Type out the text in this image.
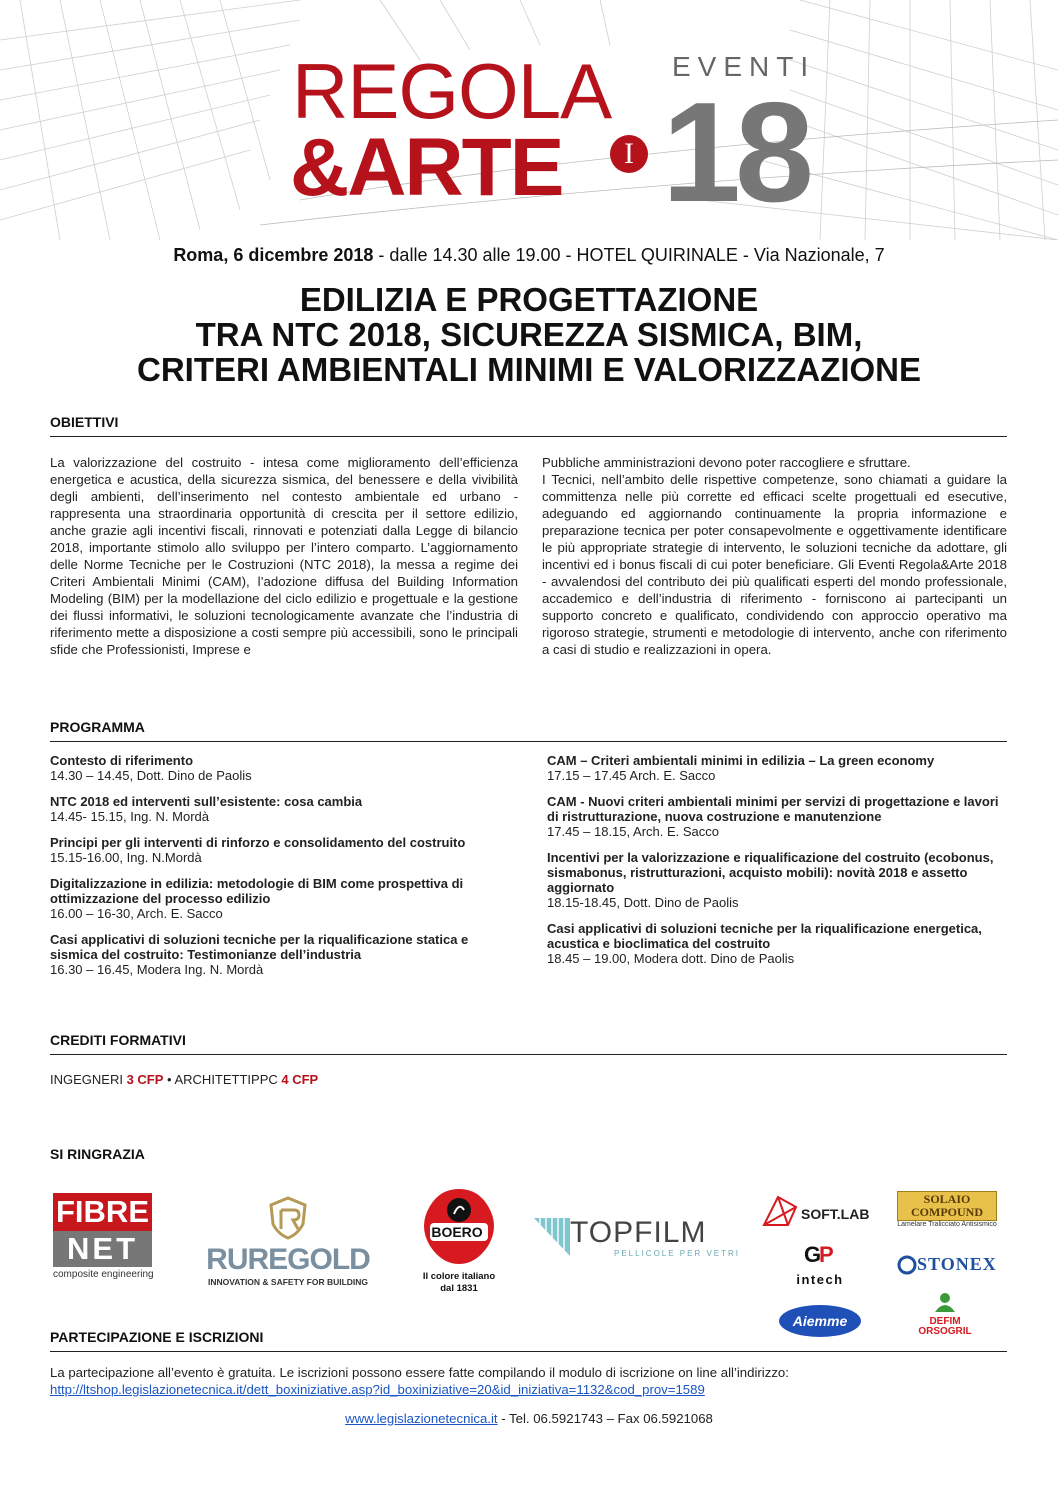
REGOLA
&ARTE	I
EVENTI
18
Roma, 6 dicembre 2018 - dalle 14.30 alle 19.00 - HOTEL QUIRINALE - Via Nazionale, 7
EDILIZIA E PROGETTAZIONE
TRA NTC 2018, SICUREZZA SISMICA, BIM,
CRITERI AMBIENTALI MINIMI E VALORIZZAZIONE
OBIETTIVI
La valorizzazione del costruito - intesa come miglioramento dell’efficienza energetica e acustica, della sicurezza sismica, del benessere e della vivibilità degli ambienti, dell’inserimento nel contesto ambientale ed urbano - rappresenta una straordinaria opportunità di crescita per il settore edilizio, anche grazie agli incentivi fiscali, rinnovati e potenziati dalla Legge di bilancio 2018, importante stimolo allo sviluppo per l’intero comparto. L’aggiornamento delle Norme Tecniche per le Costruzioni (NTC 2018), la messa a regime dei Criteri Ambientali Minimi (CAM), l’adozione diffusa del Building Information Modeling (BIM) per la modellazione del ciclo edilizio e progettuale e la gestione dei flussi informativi, le soluzioni tecnologicamente avanzate che l’industria di riferimento mette a disposizione a costi sempre più accessibili, sono le principali sfide che Professionisti, Imprese e
Pubbliche amministrazioni devono poter raccogliere e sfruttare.
I Tecnici, nell’ambito delle rispettive competenze, sono chiamati a guidare la committenza nelle più corrette ed efficaci scelte progettuali ed esecutive, adeguando ed aggiornando continuamente la propria informazione e preparazione tecnica per poter consapevolmente e oggettivamente identificare le più appropriate strategie di intervento, le soluzioni tecniche da adottare, gli incentivi ed i bonus fiscali di cui poter beneficiare. Gli Eventi Regola&Arte 2018 - avvalendosi del contributo dei più qualificati esperti del mondo professionale, accademico e dell’industria di riferimento - forniscono ai partecipanti un supporto concreto e qualificato, condividendo con approccio operativo ma rigoroso strategie, strumenti e metodologie di intervento, anche con riferimento a casi di studio e realizzazioni in opera.
PROGRAMMA
Contesto di riferimento
14.30 – 14.45, Dott. Dino de Paolis
NTC 2018 ed interventi sull’esistente: cosa cambia
14.45- 15.15, Ing. N. Mordà
Principi per gli interventi di rinforzo e consolidamento del costruito
15.15-16.00, Ing. N.Mordà
Digitalizzazione in edilizia: metodologie di BIM come prospettiva di ottimizzazione del processo edilizio
16.00 – 16-30, Arch. E. Sacco
Casi applicativi di soluzioni tecniche per la riqualificazione statica e sismica del costruito: Testimonianze dell’industria
16.30 – 16.45, Modera Ing. N. Mordà
CAM – Criteri ambientali minimi in edilizia – La green economy
17.15 – 17.45 Arch. E. Sacco
CAM - Nuovi criteri ambientali minimi per servizi di progettazione e lavori di ristrutturazione, nuova costruzione e manutenzione
17.45 – 18.15, Arch. E. Sacco
Incentivi per la valorizzazione e riqualificazione del costruito (ecobonus, sismabonus, ristrutturazioni, acquisto mobili): novità 2018 e assetto aggiornato
18.15-18.45, Dott. Dino de Paolis
Casi applicativi di soluzioni tecniche per la riqualificazione energetica, acustica e bioclimatica del costruito
18.45 – 19.00, Modera dott. Dino de Paolis
CREDITI FORMATIVI
INGEGNERI 3 CFP • ARCHITETTIPPC 4 CFP
SI RINGRAZIA
FIBRE
NET
composite engineering RUREGOLD
INNOVATION & SAFETY FOR BUILDING
BOERO
Il colore italiano
dal 1831
TOPFILM
PELLICOLE PER VETRI
SOFT.LAB
SOLAIO COMPOUND
Lamelare Tralicciato Antisismico
G
P
intech
STONEX
Aiemme	DEFIM ORSOGRIL
PARTECIPAZIONE E ISCRIZIONI
La partecipazione all’evento è gratuita. Le iscrizioni possono essere fatte compilando il modulo di iscrizione on line all’indirizzo:
http://ltshop.legislazionetecnica.it/dett_boxiniziative.asp?id_boxiniziative=20&id_iniziativa=1132&cod_prov=1589
www.legislazionetecnica.it - Tel. 06.5921743 – Fax 06.5921068
